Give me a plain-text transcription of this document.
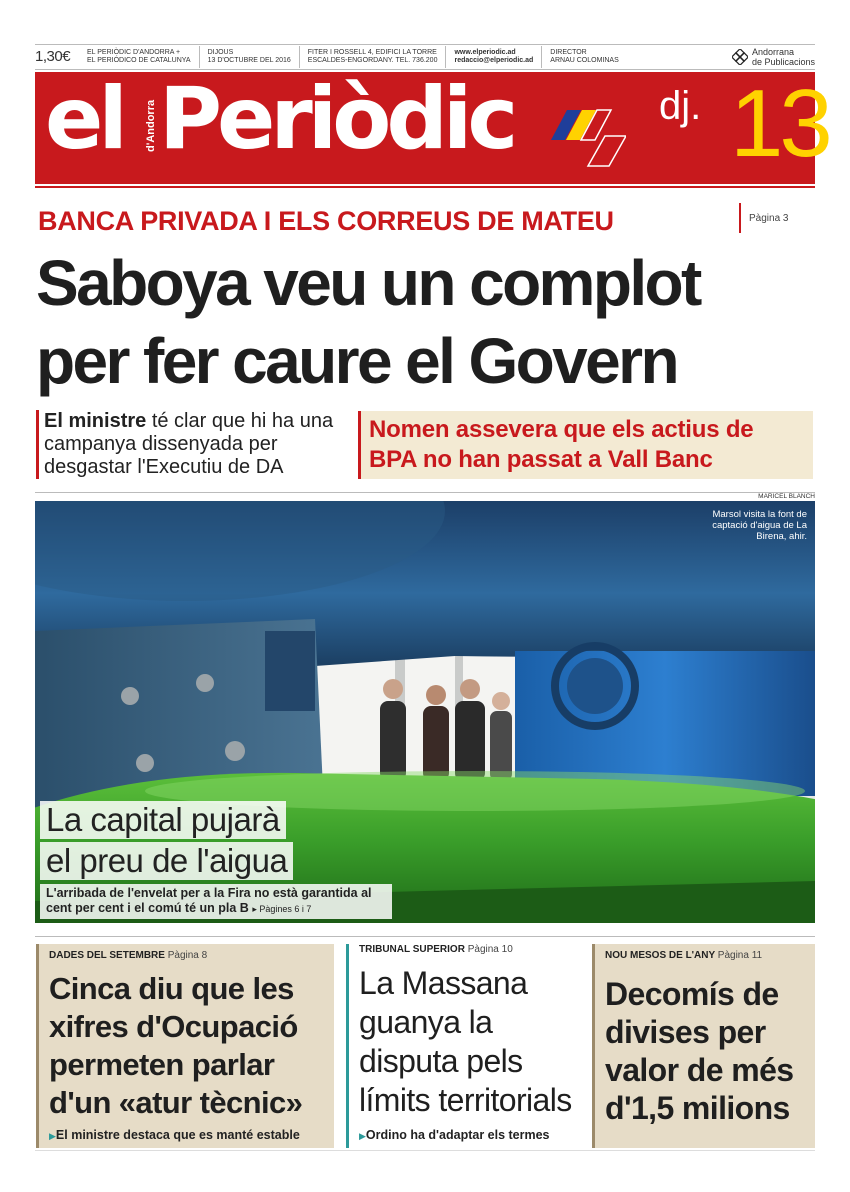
1,30€	EL PERIÒDIC D'ANDORRA +
EL PERIÓDICO DE CATALUNYA
DIJOUS
13 D'OCTUBRE DEL 2016
FITER I ROSSELL 4, EDIFICI LA TORRE
ESCALDES-ENGORDANY. TEL. 736.200
www.elperiodic.ad
redaccio@elperiodic.ad
DIRECTOR
ARNAU COLOMINAS
Andorrana
de Publicacions
el d'Andorra Periòdic	dj. 13
BANCA PRIVADA I ELS CORREUS DE MATEU	Pàgina 3
Saboya veu un complot
per fer caure el Govern
El ministre té clar que hi ha una campanya dissenyada per desgastar l'Executiu de DA
Nomen assevera que els actius de BPA no han passat a Vall Banc
MARICEL BLANCH
Marsol visita la font de captació d'aigua de La Birena, ahir.
La capital pujarà
el preu de l'aigua
L'arribada de l'envelat per a la Fira no està garantida al cent per cent i el comú té un pla B ▸ Pàgines 6 i 7
DADES DEL SETEMBRE Pàgina 8
Cinca diu que les xifres d'Ocupació permeten parlar d'un «atur tècnic»
▶El ministre destaca que es manté estable
TRIBUNAL SUPERIOR Pàgina 10
La Massana guanya la disputa pels límits territorials
▶Ordino ha d'adaptar els termes
NOU MESOS DE L'ANY Pàgina 11
Decomís de divises per valor de més d'1,5 milions
